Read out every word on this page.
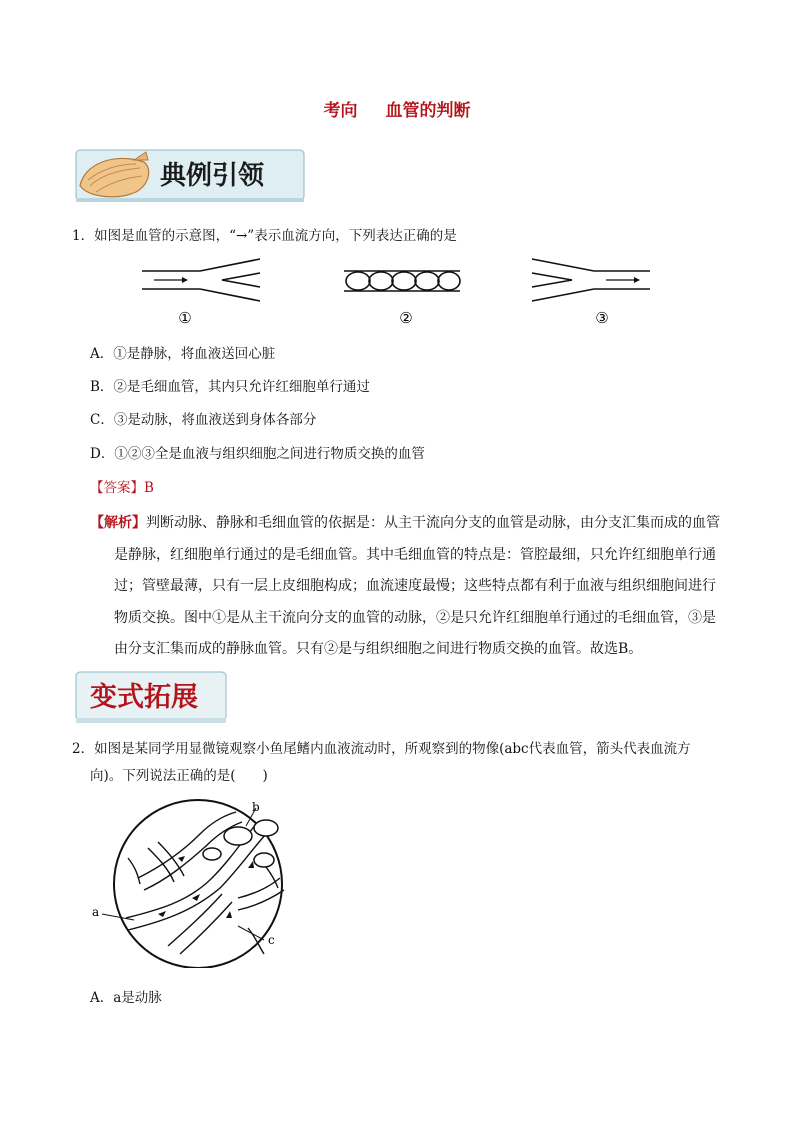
考向 血管的判断
典例引领
1．如图是血管的示意图，“→”表示血流方向，下列表达正确的是
①	②	③
A．①是静脉，将血液送回心脏
B．②是毛细血管，其内只允许红细胞单行通过
C．③是动脉，将血液送到身体各部分
D．①②③全是血液与组织细胞之间进行物质交换的血管
【答案】B
【解析】判断动脉、静脉和毛细血管的依据是：从主干流向分支的血管是动脉，由分支汇集而成的血管
是静脉，红细胞单行通过的是毛细血管。其中毛细血管的特点是：管腔最细，只允许红细胞单行通
过；管壁最薄，只有一层上皮细胞构成；血流速度最慢；这些特点都有利于血液与组织细胞间进行
物质交换。图中①是从主干流向分支的血管的动脉，②是只允许红细胞单行通过的毛细血管，③是
由分支汇集而成的静脉血管。只有②是与组织细胞之间进行物质交换的血管。故选B。
变式拓展
2．如图是某同学用显微镜观察小鱼尾鳍内血液流动时，所观察到的物像(abc代表血管，箭头代表血流方
向)。下列说法正确的是(　　)
a
b
c
A．a是动脉
